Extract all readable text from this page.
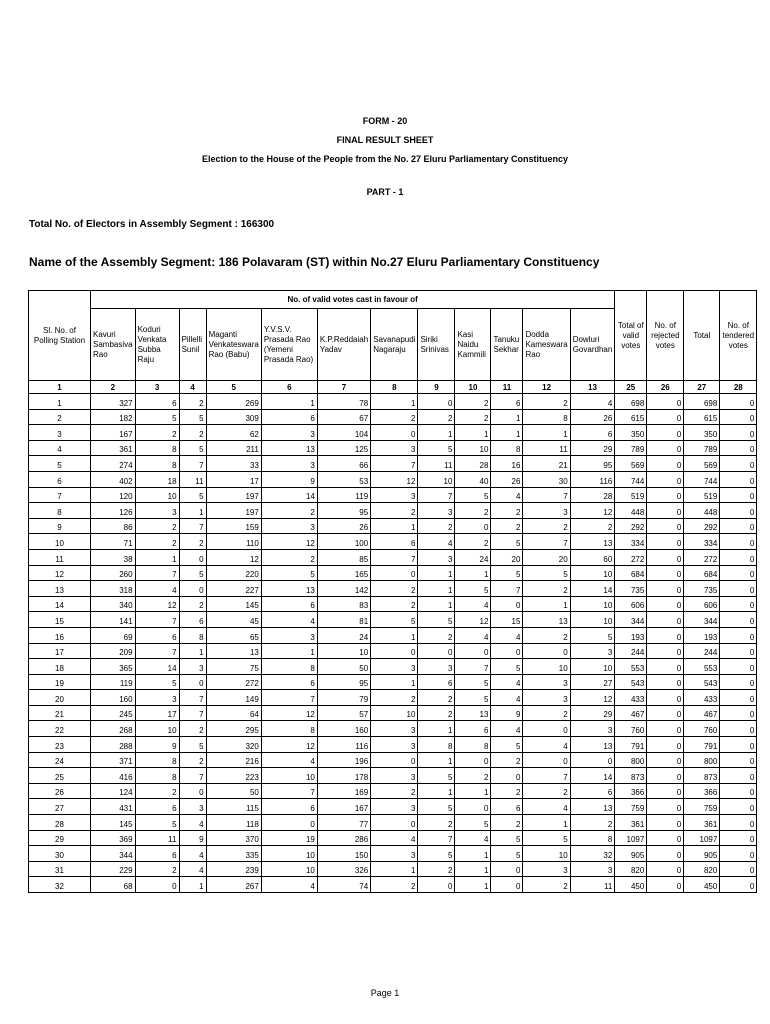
FORM - 20
FINAL RESULT SHEET
Election to the House of the People from the No. 27 Eluru Parliamentary Constituency
PART - 1
Total No. of Electors in Assembly Segment : 166300
Name of the Assembly Segment: 186 Polavaram (ST) within No.27 Eluru Parliamentary Constituency
Sl. No. of Polling Station	No. of valid votes cast in favour of												Total of
valid
votes	No. of
rejected
votes	Total	No. of
tendered
votes
	Kavuri
Sambasiva
Rao	Koduri
Venkata
Subba Raju	Pillelli
Sunil	Maganti
Venkateswara
Rao (Babu)	Y.V.S.V.
Prasada Rao
(Yemeni
Prasada Rao)	K.P.Reddaiah
Yadav	Savanapudi
Nagaraju	Siriki
Srinivas	Kasi
Naidu
Kammili	Tanuku
Sekhar	Dodda
Kameswara
Rao	Dowluri
Govardhan				
1	2	3	4	5	6	7	8	9	10	11	12	13	25	26	27	28
1	327	6	2	269	1	78	1	0	2	6	2	4	698	0	698	0
2	182	5	5	309	6	67	2	2	2	1	8	26	615	0	615	0
3	167	2	2	62	3	104	0	1	1	1	1	6	350	0	350	0
4	361	8	5	211	13	125	3	5	10	8	11	29	789	0	789	0
5	274	8	7	33	3	66	7	11	28	16	21	95	569	0	569	0
6	402	18	11	17	9	53	12	10	40	26	30	116	744	0	744	0
7	120	10	5	197	14	119	3	7	5	4	7	28	519	0	519	0
8	126	3	1	197	2	95	2	3	2	2	3	12	448	0	448	0
9	86	2	7	159	3	26	1	2	0	2	2	2	292	0	292	0
10	71	2	2	110	12	100	6	4	2	5	7	13	334	0	334	0
11	38	1	0	12	2	85	7	3	24	20	20	60	272	0	272	0
12	260	7	5	220	5	165	0	1	1	5	5	10	684	0	684	0
13	318	4	0	227	13	142	2	1	5	7	2	14	735	0	735	0
14	340	12	2	145	6	83	2	1	4	0	1	10	606	0	606	0
15	141	7	6	45	4	81	5	5	12	15	13	10	344	0	344	0
16	69	6	8	65	3	24	1	2	4	4	2	5	193	0	193	0
17	209	7	1	13	1	10	0	0	0	0	0	3	244	0	244	0
18	365	14	3	75	8	50	3	3	7	5	10	10	553	0	553	0
19	119	5	0	272	6	95	1	6	5	4	3	27	543	0	543	0
20	160	3	7	149	7	79	2	2	5	4	3	12	433	0	433	0
21	245	17	7	64	12	57	10	2	13	9	2	29	467	0	467	0
22	268	10	2	295	8	160	3	1	6	4	0	3	760	0	760	0
23	288	9	5	320	12	116	3	8	8	5	4	13	791	0	791	0
24	371	8	2	216	4	196	0	1	0	2	0	0	800	0	800	0
25	416	8	7	223	10	178	3	5	2	0	7	14	873	0	873	0
26	124	2	0	50	7	169	2	1	1	2	2	6	366	0	366	0
27	431	6	3	115	6	167	3	5	0	6	4	13	759	0	759	0
28	145	5	4	118	0	77	0	2	5	2	1	2	361	0	361	0
29	369	11	9	370	19	286	4	7	4	5	5	8	1097	0	1097	0
30	344	6	4	335	10	150	3	5	1	5	10	32	905	0	905	0
31	229	2	4	239	10	326	1	2	1	0	3	3	820	0	820	0
32	68	0	1	267	4	74	2	0	1	0	2	11	450	0	450	0
Page 1
